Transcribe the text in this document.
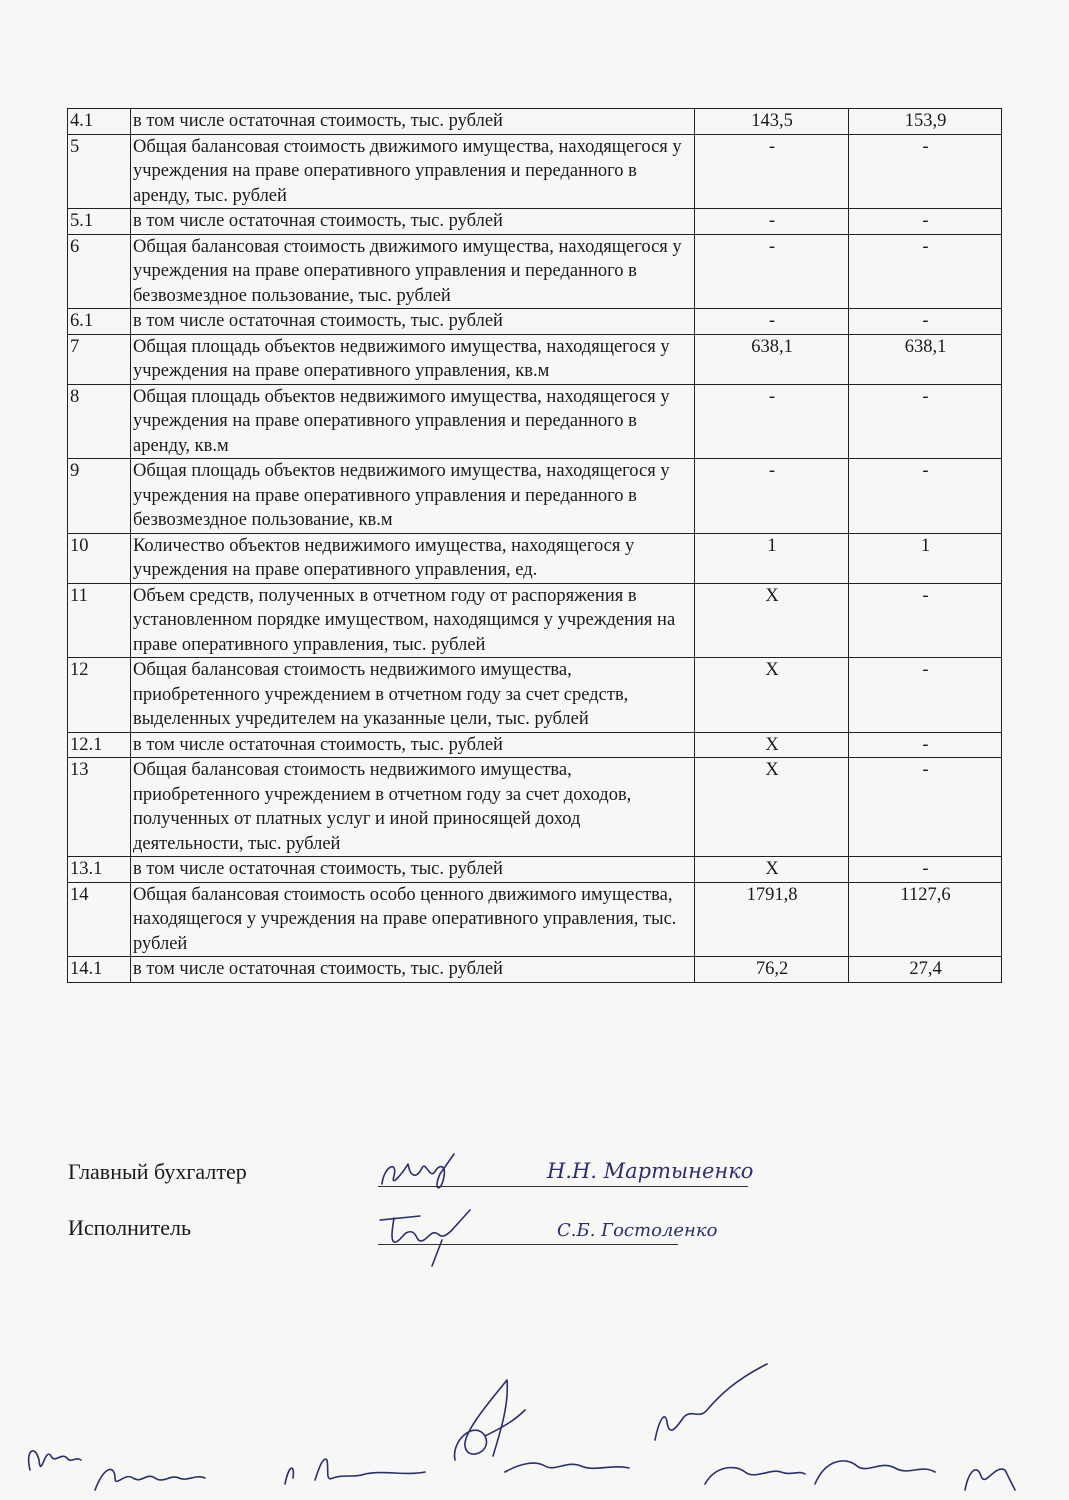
4.1	в том числе остаточная стоимость, тыс. рублей	143,5	153,9
5	Общая балансовая стоимость движимого имущества, находящегося у учреждения на праве оперативного управления и переданного в аренду, тыс. рублей	-	-
5.1	в том числе остаточная стоимость, тыс. рублей	-	-
6	Общая балансовая стоимость движимого имущества, находящегося у учреждения на праве оперативного управления и переданного в безвозмездное пользование, тыс. рублей	-	-
6.1	в том числе остаточная стоимость, тыс. рублей	-	-
7	Общая площадь объектов недвижимого имущества, находящегося у учреждения на праве оперативного управления, кв.м	638,1	638,1
8	Общая площадь объектов недвижимого имущества, находящегося у учреждения на праве оперативного управления и переданного в аренду, кв.м	-	-
9	Общая площадь объектов недвижимого имущества, находящегося у учреждения на праве оперативного управления и переданного в безвозмездное пользование, кв.м	-	-
10	Количество объектов недвижимого имущества, находящегося у учреждения на праве оперативного управления, ед.	1	1
11	Объем средств, полученных в отчетном году от распоряжения в установленном порядке имуществом, находящимся у учреждения на праве оперативного управления, тыс. рублей	Х	-
12	Общая балансовая стоимость недвижимого имущества, приобретенного учреждением в отчетном году за счет средств, выделенных учредителем на указанные цели, тыс. рублей	Х	-
12.1	в том числе остаточная стоимость, тыс. рублей	Х	-
13	Общая балансовая стоимость недвижимого имущества, приобретенного учреждением в отчетном году за счет доходов, полученных от платных услуг и иной приносящей доход деятельности, тыс. рублей	Х	-
13.1	в том числе остаточная стоимость, тыс. рублей	Х	-
14	Общая балансовая стоимость особо ценного движимого имущества, находящегося у учреждения на праве оперативного управления, тыс. рублей	1791,8	1127,6
14.1	в том числе остаточная стоимость, тыс. рублей	76,2	27,4
Главный бухгалтер	Н.Н. Мартыненко
Исполнитель	С.Б. Гостоленко
